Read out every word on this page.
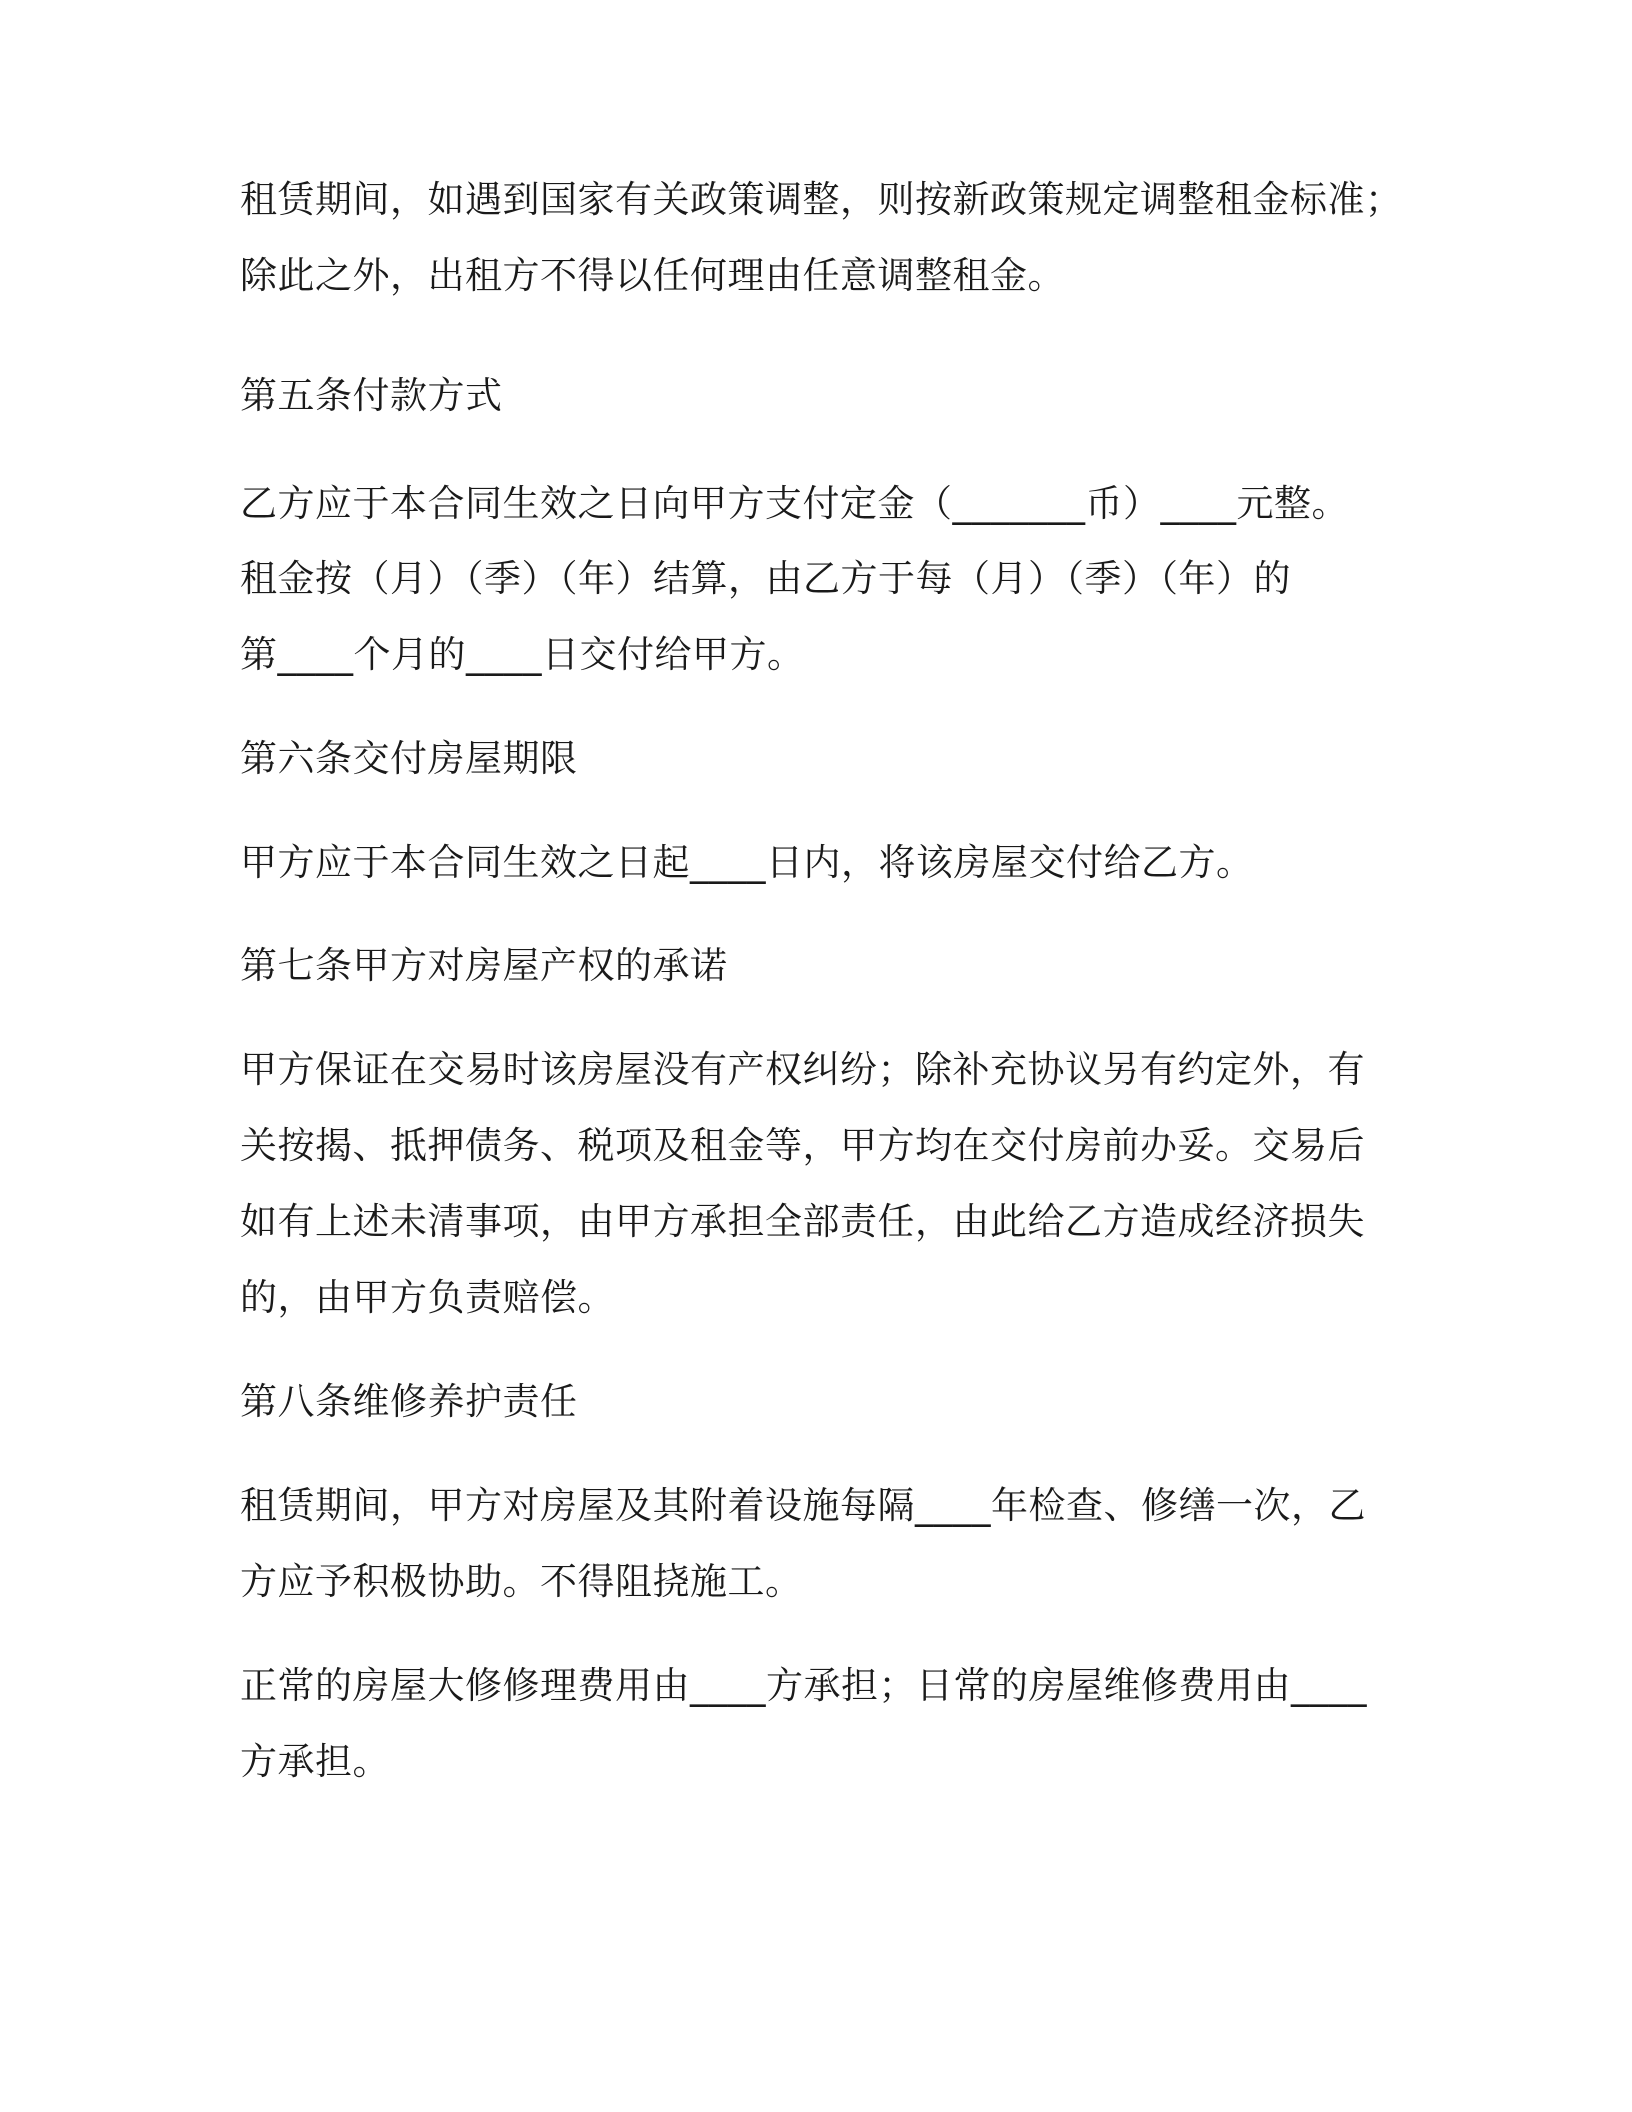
租赁期间，如遇到国家有关政策调整，则按新政策规定调整租金标准；
除此之外，出租方不得以任何理由任意调整租金。
第五条付款方式
乙方应于本合同生效之日向甲方支付定金（_______币）____元整。
租金按（月）（季）（年）结算，由乙方于每（月）（季）（年）的
第____个月的____日交付给甲方。
第六条交付房屋期限
甲方应于本合同生效之日起____日内，将该房屋交付给乙方。
第七条甲方对房屋产权的承诺
甲方保证在交易时该房屋没有产权纠纷；除补充协议另有约定外，有
关按揭、抵押债务、税项及租金等，甲方均在交付房前办妥。交易后
如有上述未清事项，由甲方承担全部责任，由此给乙方造成经济损失
的，由甲方负责赔偿。
第八条维修养护责任
租赁期间，甲方对房屋及其附着设施每隔____年检查、修缮一次，乙
方应予积极协助。不得阻挠施工。
正常的房屋大修修理费用由____方承担；日常的房屋维修费用由____
方承担。
